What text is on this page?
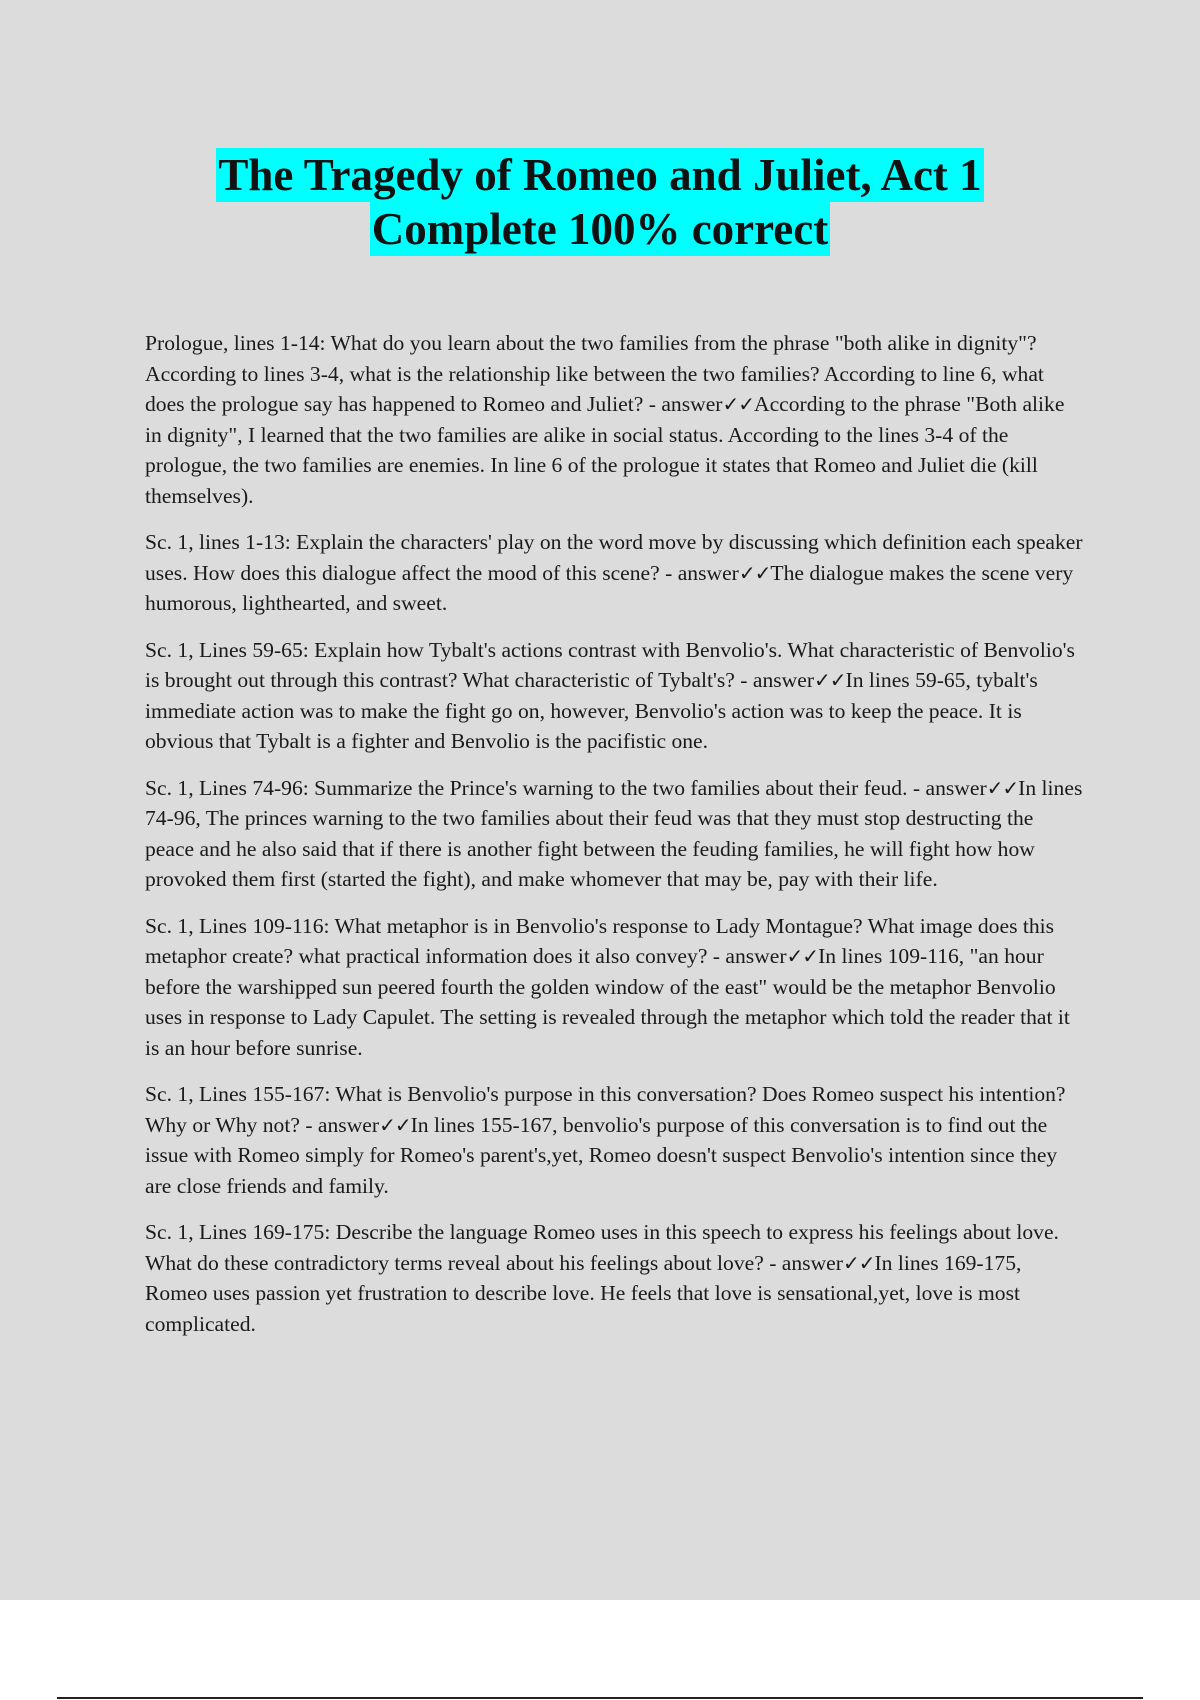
The Tragedy of Romeo and Juliet, Act 1
Complete 100% correct

Prologue, lines 1-14: What do you learn about the two families from the phrase "both alike in dignity"? According to lines 3-4, what is the relationship like between the two families? According to line 6, what does the prologue say has happened to Romeo and Juliet? - answer✓✓According to the phrase "Both alike in dignity", I learned that the two families are alike in social status. According to the lines 3-4 of the prologue, the two families are enemies. In line 6 of the prologue it states that Romeo and Juliet die (kill themselves).

Sc. 1, lines 1-13: Explain the characters' play on the word move by discussing which definition each speaker uses. How does this dialogue affect the mood of this scene? - answer✓✓The dialogue makes the scene very humorous, lighthearted, and sweet.

Sc. 1, Lines 59-65: Explain how Tybalt's actions contrast with Benvolio's. What characteristic of Benvolio's is brought out through this contrast? What characteristic of Tybalt's? - answer✓✓In lines 59-65, tybalt's immediate action was to make the fight go on, however, Benvolio's action was to keep the peace. It is obvious that Tybalt is a fighter and Benvolio is the pacifistic one.

Sc. 1, Lines 74-96: Summarize the Prince's warning to the two families about their feud. - answer✓✓In lines 74-96, The princes warning to the two families about their feud was that they must stop destructing the peace and he also said that if there is another fight between the feuding families, he will fight how how provoked them first (started the fight), and make whomever that may be, pay with their life.

Sc. 1, Lines 109-116: What metaphor is in Benvolio's response to Lady Montague? What image does this metaphor create? what practical information does it also convey? - answer✓✓In lines 109-116, "an hour before the warshipped sun peered fourth the golden window of the east" would be the metaphor Benvolio uses in response to Lady Capulet. The setting is revealed through the metaphor which told the reader that it is an hour before sunrise.

Sc. 1, Lines 155-167: What is Benvolio's purpose in this conversation? Does Romeo suspect his intention? Why or Why not? - answer✓✓In lines 155-167, benvolio's purpose of this conversation is to find out the issue with Romeo simply for Romeo's parent's,yet, Romeo doesn't suspect Benvolio's intention since they are close friends and family.

Sc. 1, Lines 169-175: Describe the language Romeo uses in this speech to express his feelings about love. What do these contradictory terms reveal about his feelings about love? - answer✓✓In lines 169-175, Romeo uses passion yet frustration to describe love. He feels that love is sensational,yet, love is most complicated.
